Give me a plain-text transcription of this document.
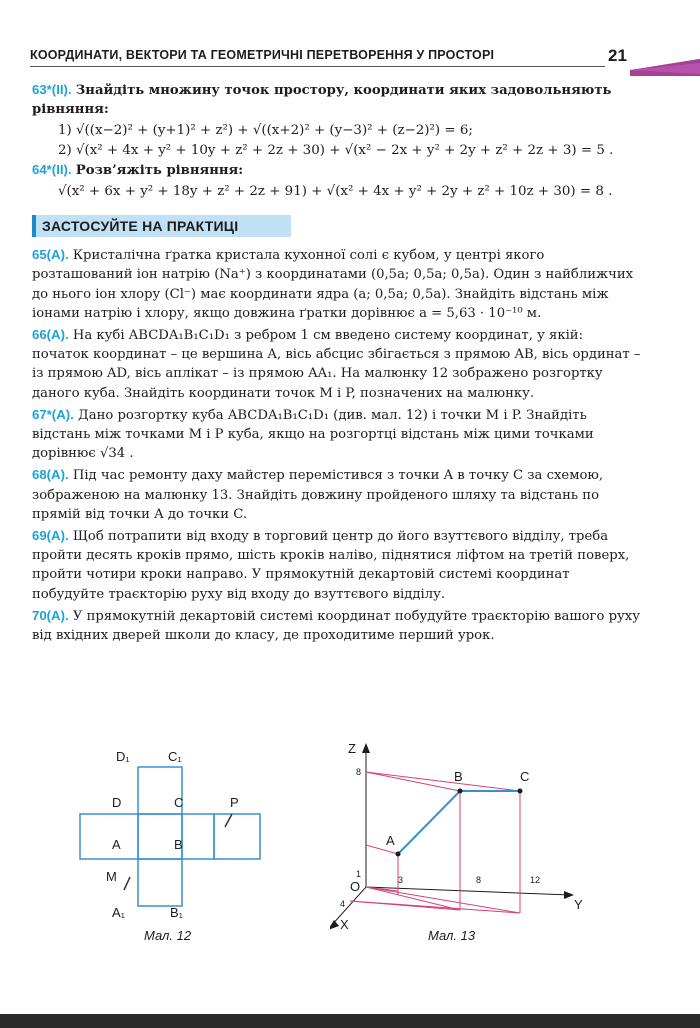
КООРДИНАТИ, ВЕКТОРИ ТА ГЕОМЕТРИЧНІ ПЕРЕТВОРЕННЯ У ПРОСТОРІ	21
63*(II). Знайдіть множину точок простору, координати яких задовольняють рівняння:
1) √((x−2)² + (y+1)² + z²) + √((x+2)² + (y−3)² + (z−2)²) = 6;
2) √(x² + 4x + y² + 10y + z² + 2z + 30) + √(x² − 2x + y² + 2y + z² + 2z + 3) = 5 .
64*(II). Розв’яжіть рівняння:
√(x² + 6x + y² + 18y + z² + 2z + 91) + √(x² + 4x + y² + 2y + z² + 10z + 30) = 8 .
ЗАСТОСУЙТЕ НА ПРАКТИЦІ
65(А). Кристалічна ґратка кристала кухонної солі є кубом, у центрі якого розташований іон натрію (Na⁺) з координатами (0,5a; 0,5a; 0,5a). Один з найближчих до нього іон хлору (Cl⁻) має координати ядра (a; 0,5a; 0,5a). Знайдіть відстань між іонами натрію і хлору, якщо довжина ґратки дорівнює a = 5,63 · 10⁻¹⁰ м.
66(А). На кубі ABCDA₁B₁C₁D₁ з ребром 1 см введено систему координат, у якій: початок координат – це вершина A, вісь абсцис збігається з прямою AB, вісь ординат – із прямою AD, вісь аплікат – із прямою AA₁. На малюнку 12 зображено розгортку даного куба. Знайдіть координати точок M і P, позначених на малюнку.
67*(А). Дано розгортку куба ABCDA₁B₁C₁D₁ (див. мал. 12) і точки M і P. Знайдіть відстань між точками M і P куба, якщо на розгортці відстань між цими точками дорівнює √34 .
68(А). Під час ремонту даху майстер перемістився з точки A в точку C за схемою, зображеною на малюнку 13. Знайдіть довжину пройденого шляху та відстань по прямій від точки A до точки C.
69(А). Щоб потрапити від входу в торговий центр до його взуттєвого відділу, треба пройти десять кроків прямо, шість кроків наліво, піднятися ліфтом на третій поверх, пройти чотири кроки направо. У прямокутній декартовій системі координат побудуйте траєкторію руху від входу до взуттєвого відділу.
70(А). У прямокутній декартовій системі координат побудуйте траєкторію вашого руху від вхідних дверей школи до класу, де проходитиме перший урок.
D₁	C₁
D	C	P
A	B
M
A₁	B₁
Мал. 12
Z
Y
X
O
A
B	C
8
1
3	8	12
4
Мал. 13
